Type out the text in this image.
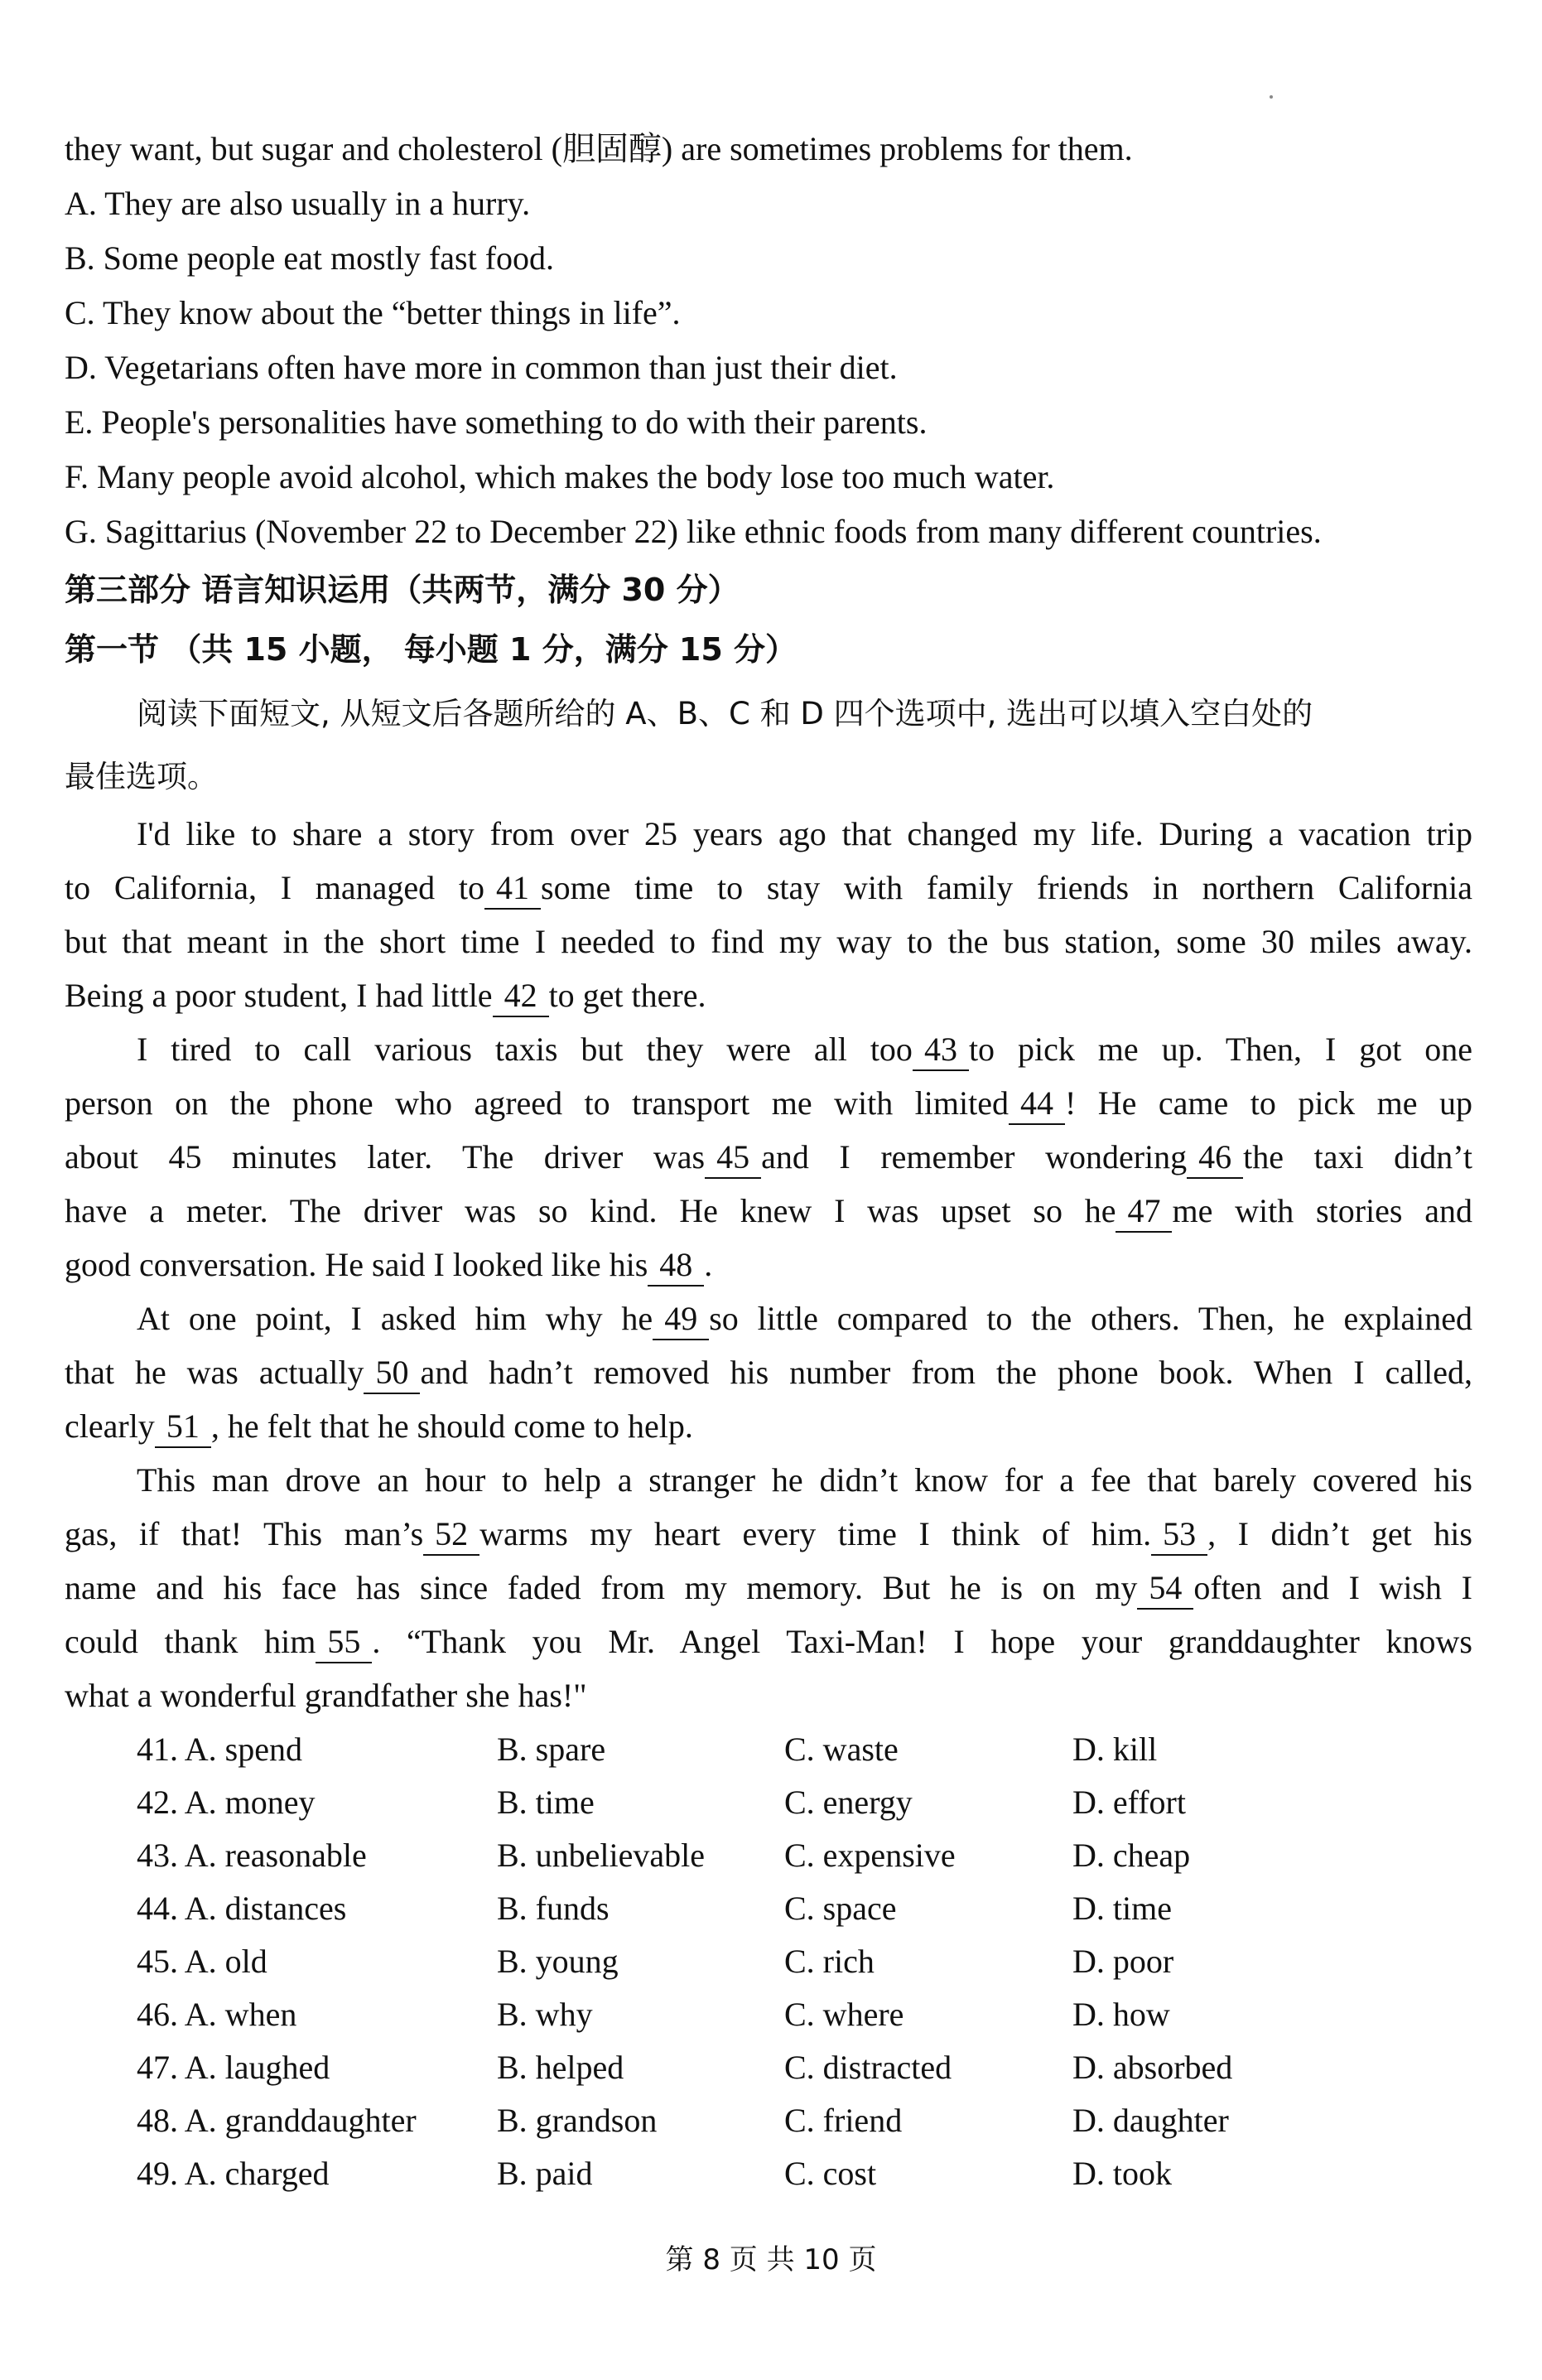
they want, but sugar and cholesterol (胆固醇) are sometimes problems for them.
A. They are also usually in a hurry.
B. Some people eat mostly fast food.
C. They know about the “better things in life”.
D. Vegetarians often have more in common than just their diet.
E. People's personalities have something to do with their parents.
F. Many people avoid alcohol, which makes the body lose too much water.
G. Sagittarius (November 22 to December 22) like ethnic foods from many different countries.
第三部分 语言知识运用（共两节，满分 30 分）
第一节 （共 15 小题， 每小题 1 分，满分 15 分）
阅读下面短文, 从短文后各题所给的 A、B、C 和 D 四个选项中, 选出可以填入空白处的
最佳选项。
I'd like to share a story from over 25 years ago that changed my life. During a vacation trip
to California, I managed to 41 some time to stay with family friends in northern California
but that meant in the short time I needed to find my way to the bus station, some 30 miles away.
Being a poor student, I had little 42 to get there.
I tired to call various taxis but they were all too 43 to pick me up. Then, I got one
person on the phone who agreed to transport me with limited 44 ! He came to pick me up
about 45 minutes later. The driver was 45 and I remember wondering 46 the taxi didn’t
have a meter. The driver was so kind. He knew I was upset so he 47 me with stories and
good conversation. He said I looked like his 48 .
At one point, I asked him why he 49 so little compared to the others. Then, he explained
that he was actually 50 and hadn’t removed his number from the phone book. When I called,
clearly 51 , he felt that he should come to help.
This man drove an hour to help a stranger he didn’t know for a fee that barely covered his
gas, if that! This man’s 52 warms my heart every time I think of him. 53 , I didn’t get his
name and his face has since faded from my memory. But he is on my 54 often and I wish I
could thank him 55 . “Thank you Mr. Angel Taxi-Man! I hope your granddaughter knows
what a wonderful grandfather she has!"
41. A. spend	B. spare	C. waste	D. kill
42. A. money	B. time	C. energy	D. effort
43. A. reasonable	B. unbelievable C. expensive	D. cheap
44. A. distances	B. funds	C. space	D. time
45. A. old	B. young	C. rich	D. poor
46. A. when	B. why	C. where	D. how
47. A. laughed	B. helped	C. distracted	D. absorbed
48. A. granddaughter B. grandson	C. friend	D. daughter
49. A. charged	B. paid	C. cost	D. took
第 8 页 共 10 页
